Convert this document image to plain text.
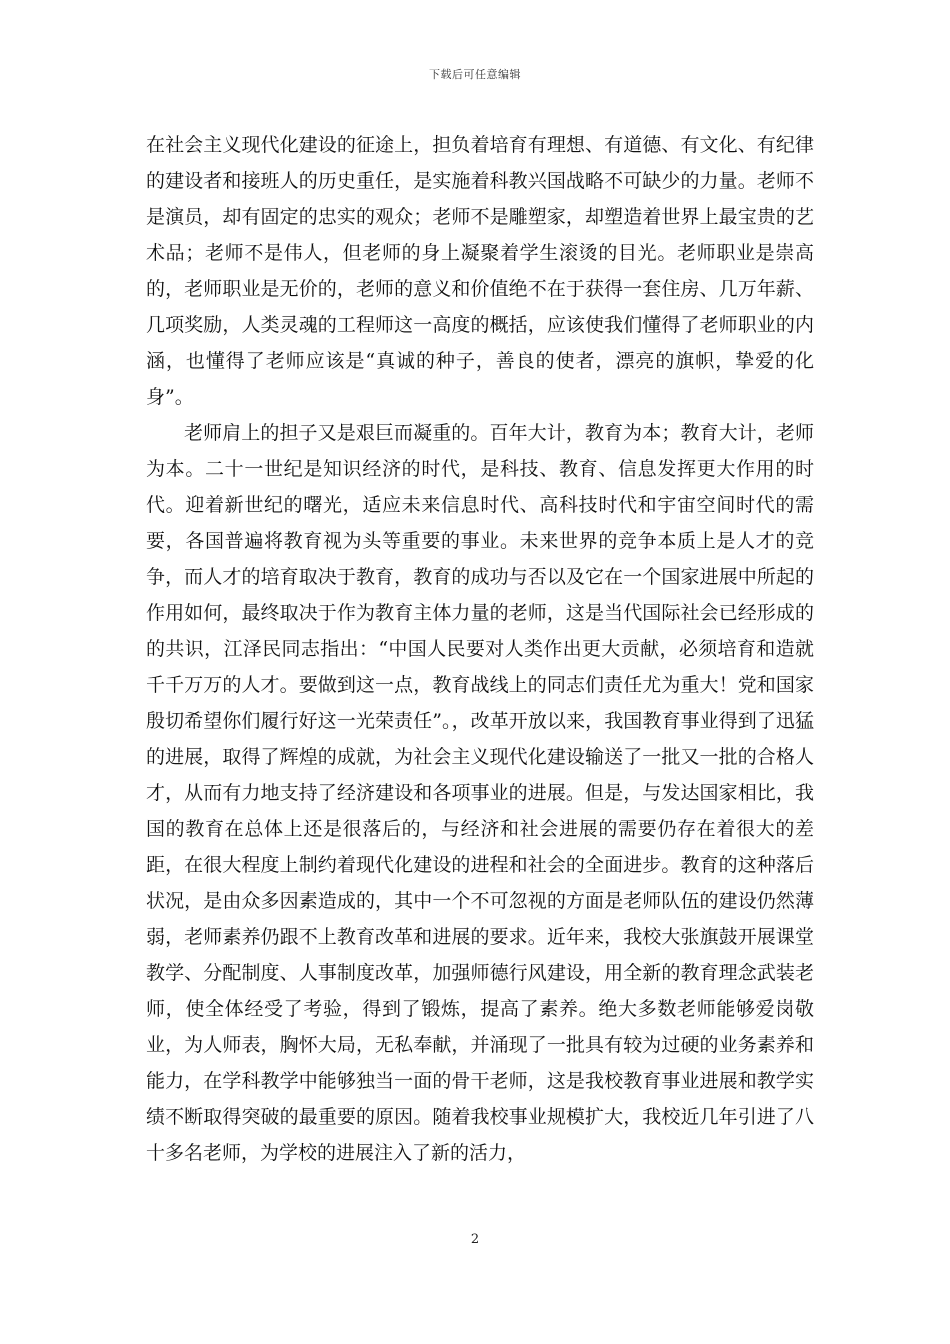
下载后可任意编辑

在社会主义现代化建设的征途上，担负着培育有理想、有道德、有文化、有纪律的建设者和接班人的历史重任，是实施着科教兴国战略不可缺少的力量。老师不是演员，却有固定的忠实的观众；老师不是雕塑家，却塑造着世界上最宝贵的艺术品；老师不是伟人，但老师的身上凝聚着学生滚烫的目光。老师职业是崇高的，老师职业是无价的，老师的意义和价值绝不在于获得一套住房、几万年薪、几项奖励，人类灵魂的工程师这一高度的概括，应该使我们懂得了老师职业的内涵，也懂得了老师应该是“真诚的种子，善良的使者，漂亮的旗帜，挚爱的化身”。

老师肩上的担子又是艰巨而凝重的。百年大计，教育为本；教育大计，老师为本。二十一世纪是知识经济的时代，是科技、教育、信息发挥更大作用的时代。迎着新世纪的曙光，适应未来信息时代、高科技时代和宇宙空间时代的需要，各国普遍将教育视为头等重要的事业。未来世界的竞争本质上是人才的竞争，而人才的培育取决于教育，教育的成功与否以及它在一个国家进展中所起的作用如何，最终取决于作为教育主体力量的老师，这是当代国际社会已经形成的的共识，江泽民同志指出：“中国人民要对人类作出更大贡献，必须培育和造就千千万万的人才。要做到这一点，教育战线上的同志们责任尤为重大！党和国家殷切希望你们履行好这一光荣责任”。，改革开放以来，我国教育事业得到了迅猛的进展，取得了辉煌的成就，为社会主义现代化建设输送了一批又一批的合格人才，从而有力地支持了经济建设和各项事业的进展。但是，与发达国家相比，我国的教育在总体上还是很落后的，与经济和社会进展的需要仍存在着很大的差距，在很大程度上制约着现代化建设的进程和社会的全面进步。教育的这种落后状况，是由众多因素造成的，其中一个不可忽视的方面是老师队伍的建设仍然薄弱，老师素养仍跟不上教育改革和进展的要求。近年来，我校大张旗鼓开展课堂教学、分配制度、人事制度改革，加强师德行风建设，用全新的教育理念武装老师，使全体经受了考验，得到了锻炼，提高了素养。绝大多数老师能够爱岗敬业，为人师表，胸怀大局，无私奉献，并涌现了一批具有较为过硬的业务素养和能力，在学科教学中能够独当一面的骨干老师，这是我校教育事业进展和教学实绩不断取得突破的最重要的原因。随着我校事业规模扩大，我校近几年引进了八十多名老师，为学校的进展注入了新的活力，

2
